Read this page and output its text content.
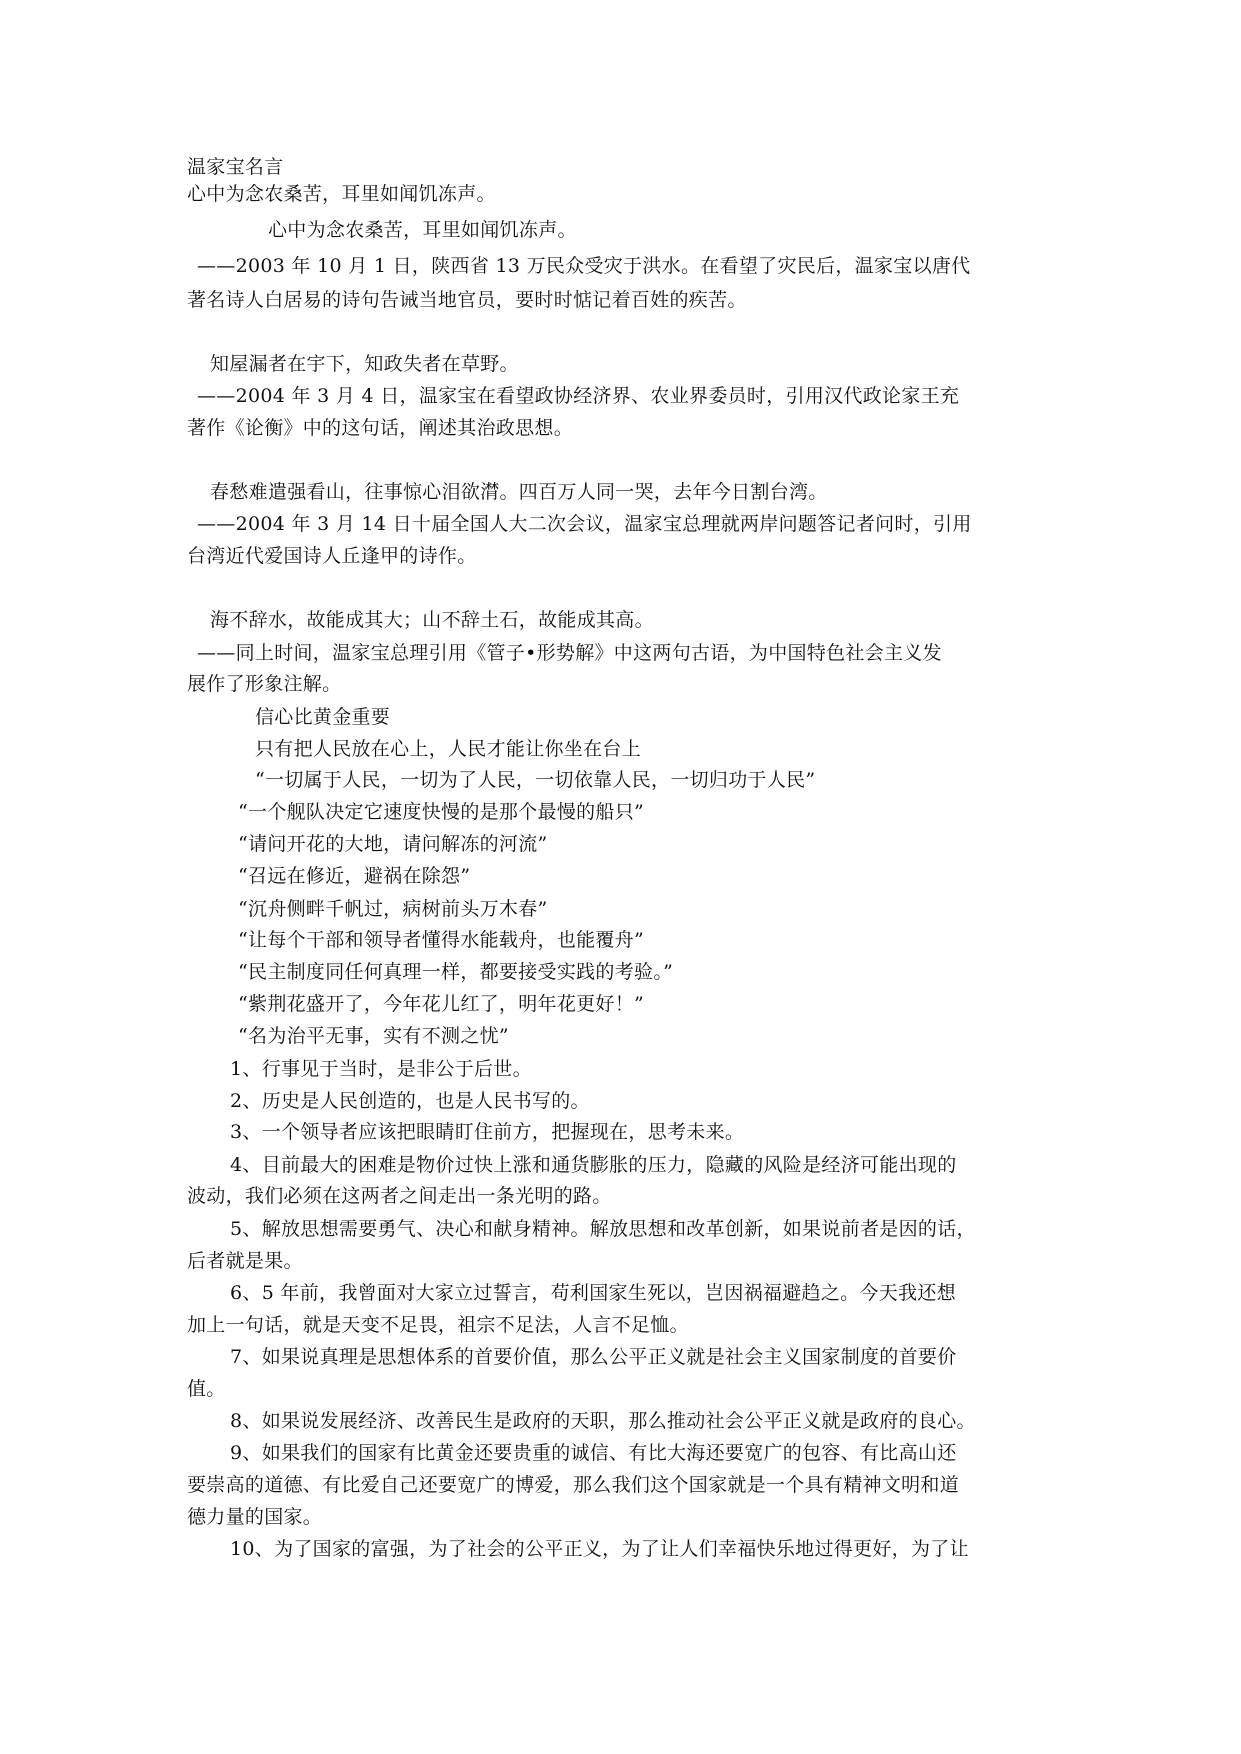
温家宝名言
心中为念农桑苦，耳里如闻饥冻声。
心中为念农桑苦，耳里如闻饥冻声。
——2003 年 10 月 1 日，陕西省 13 万民众受灾于洪水。在看望了灾民后，温家宝以唐代
著名诗人白居易的诗句告诫当地官员，要时时惦记着百姓的疾苦。
知屋漏者在宇下，知政失者在草野。
——2004 年 3 月 4 日，温家宝在看望政协经济界、农业界委员时，引用汉代政论家王充
著作《论衡》中的这句话，阐述其治政思想。
春愁难遣强看山，往事惊心泪欲潸。四百万人同一哭，去年今日割台湾。
——2004 年 3 月 14 日十届全国人大二次会议，温家宝总理就两岸问题答记者问时，引用
台湾近代爱国诗人丘逢甲的诗作。
海不辞水，故能成其大；山不辞土石，故能成其高。
——同上时间，温家宝总理引用《管子•形势解》中这两句古语，为中国特色社会主义发
展作了形象注解。
信心比黄金重要
只有把人民放在心上，人民才能让你坐在台上
“一切属于人民，一切为了人民，一切依靠人民，一切归功于人民”
“一个舰队决定它速度快慢的是那个最慢的船只”
“请问开花的大地，请问解冻的河流”
“召远在修近，避祸在除怨”
“沉舟侧畔千帆过，病树前头万木春”
“让每个干部和领导者懂得水能载舟，也能覆舟”
“民主制度同任何真理一样，都要接受实践的考验。”
“紫荆花盛开了，今年花儿红了，明年花更好！”
“名为治平无事，实有不测之忧”
1、行事见于当时，是非公于后世。
2、历史是人民创造的，也是人民书写的。
3、一个领导者应该把眼睛盯住前方，把握现在，思考未来。
4、目前最大的困难是物价过快上涨和通货膨胀的压力，隐藏的风险是经济可能出现的
波动，我们必须在这两者之间走出一条光明的路。
5、解放思想需要勇气、决心和献身精神。解放思想和改革创新，如果说前者是因的话，
后者就是果。
6、5 年前，我曾面对大家立过誓言，苟利国家生死以，岂因祸福避趋之。今天我还想
加上一句话，就是天变不足畏，祖宗不足法，人言不足恤。
7、如果说真理是思想体系的首要价值，那么公平正义就是社会主义国家制度的首要价
值。
8、如果说发展经济、改善民生是政府的天职，那么推动社会公平正义就是政府的良心。
9、如果我们的国家有比黄金还要贵重的诚信、有比大海还要宽广的包容、有比高山还
要崇高的道德、有比爱自己还要宽广的博爱，那么我们这个国家就是一个具有精神文明和道
德力量的国家。
10、为了国家的富强，为了社会的公平正义，为了让人们幸福快乐地过得更好，为了让
